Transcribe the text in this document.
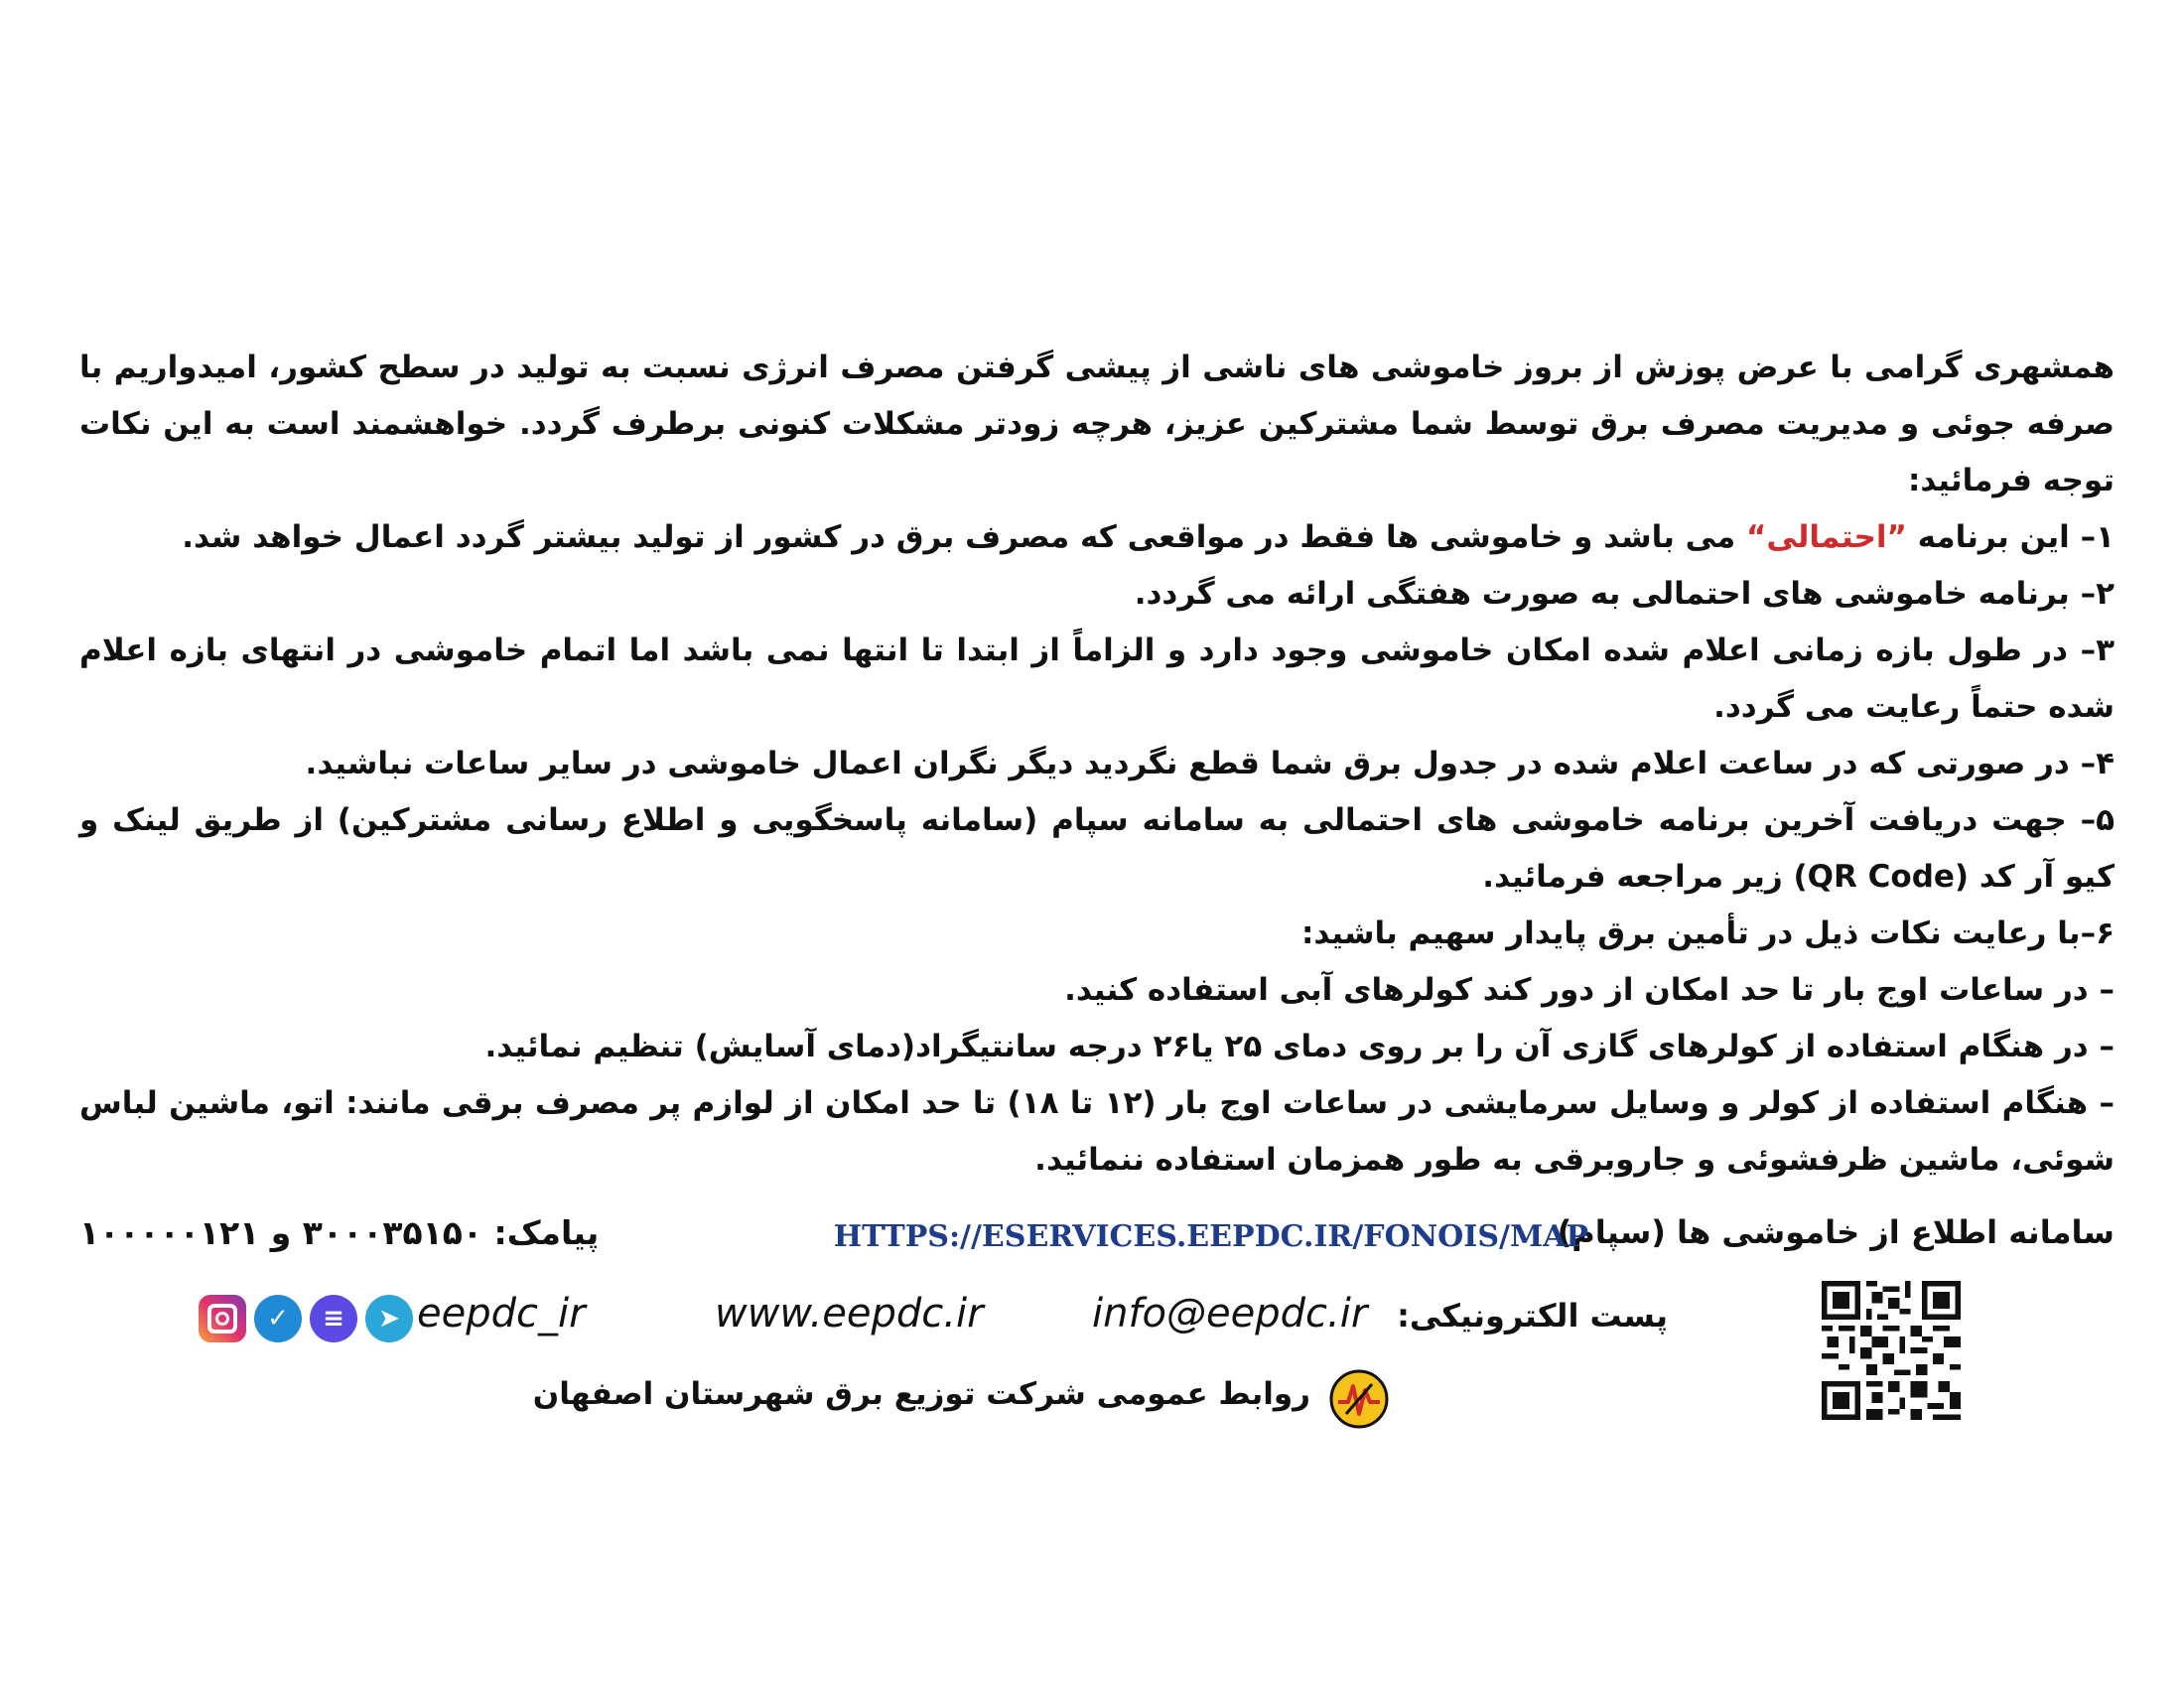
همشهری گرامی با عرض پوزش از بروز خاموشی های ناشی از پیشی گرفتن مصرف انرژی نسبت به تولید در سطح کشور، امیدواریم با صرفه جوئی و مدیریت مصرف برق توسط شما مشترکین عزیز، هرچه زودتر مشکلات کنونی برطرف گردد. خواهشمند است به این نکات توجه فرمائید:

۱– این برنامه ”احتمالی“ می باشد و خاموشی ها فقط در مواقعی که مصرف برق در کشور از تولید بیشتر گردد اعمال خواهد شد.

۲– برنامه خاموشی های احتمالی به صورت هفتگی ارائه می گردد.

۳– در طول بازه زمانی اعلام شده امکان خاموشی وجود دارد و الزاماً از ابتدا تا انتها نمی باشد اما اتمام خاموشی در انتهای بازه اعلام شده حتماً رعایت می گردد.

۴– در صورتی که در ساعت اعلام شده در جدول برق شما قطع نگردید دیگر نگران اعمال خاموشی در سایر ساعات نباشید.

۵– جهت دریافت آخرین برنامه خاموشی های احتمالی به سامانه سپام (سامانه پاسخگویی و اطلاع رسانی مشترکین) از طریق لینک و کیو آر کد (QR Code) زیر مراجعه فرمائید.

۶–با رعایت نکات ذیل در تأمین برق پایدار سهیم باشید:

– در ساعات اوج بار تا حد امکان از دور کند کولرهای آبی استفاده کنید.

– در هنگام استفاده از کولرهای گازی آن را بر روی دمای ۲۵ یا۲۶ درجه سانتیگراد(دمای آسایش) تنظیم نمائید.

– هنگام استفاده از کولر و وسایل سرمایشی در ساعات اوج بار (۱۲ تا ۱۸) تا حد امکان از لوازم پر مصرف برقی مانند: اتو، ماشین لباس شوئی، ماشین ظرفشوئی و جاروبرقی به طور همزمان استفاده ننمائید.

سامانه اطلاع از خاموشی ها (سپام)
HTTPS://ESERVICES.EEPDC.IR/FONOIS/MAP
پیامک: ۳۰۰۰۳۵۱۵۰ و ۱۰۰۰۰۰۱۲۱
پست الکترونیکی:
info@eepdc.ir
www.eepdc.ir
eepdc_ir
✓	≡	➤
روابط عمومی شرکت توزیع برق شهرستان اصفهان
